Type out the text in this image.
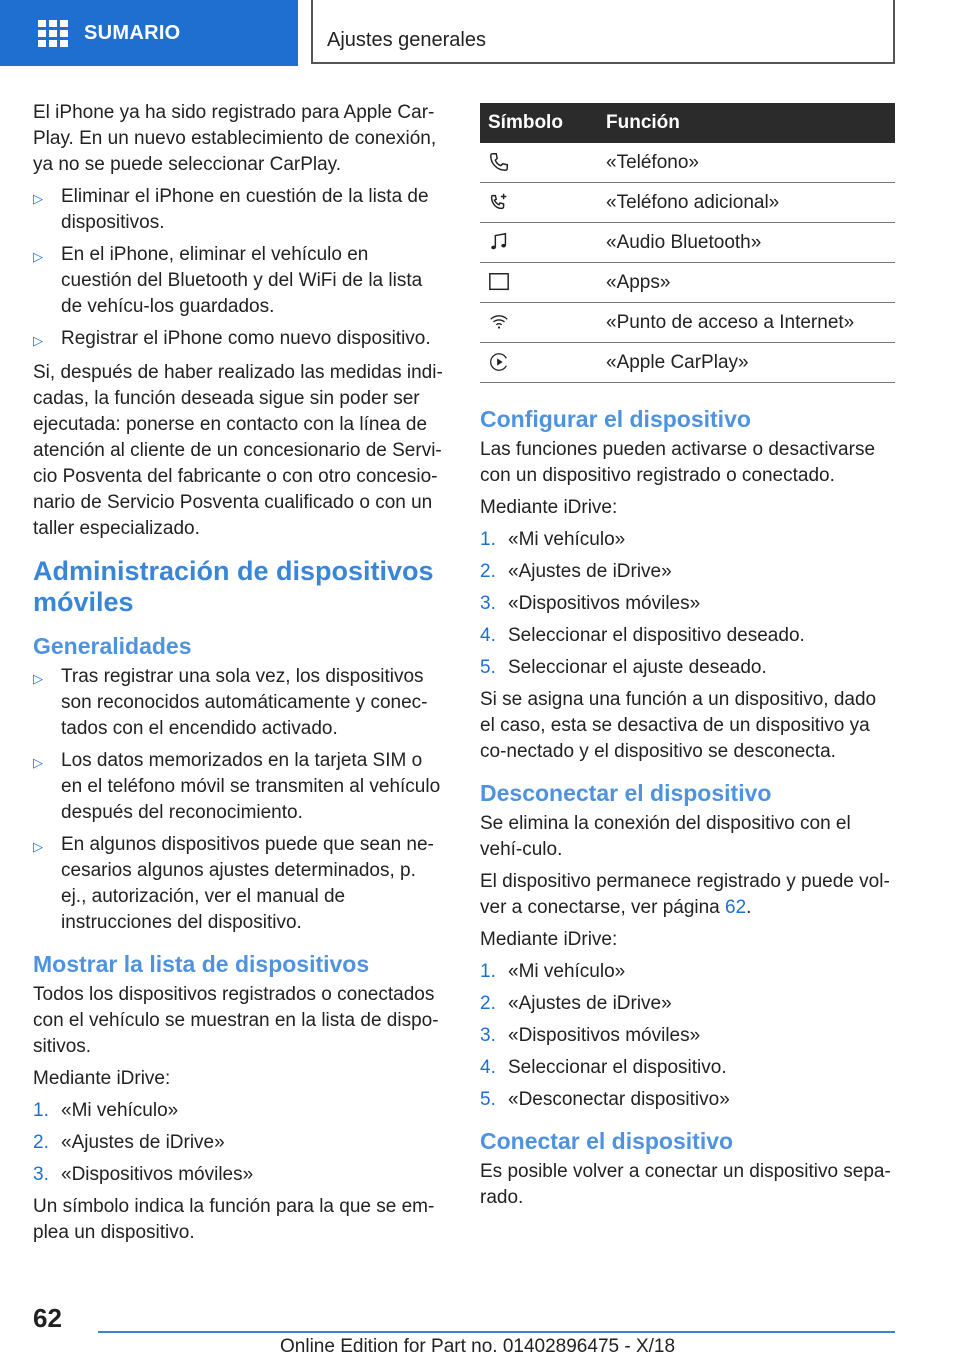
SUMARIO	Ajustes generales

El iPhone ya ha sido registrado para Apple Car-Play. En un nuevo establecimiento de conexión, ya no se puede seleccionar CarPlay.

▷ Eliminar el iPhone en cuestión de la lista de dispositivos.
▷ En el iPhone, eliminar el vehículo en cuestión del Bluetooth y del WiFi de la lista de vehícu-los guardados.
▷ Registrar el iPhone como nuevo dispositivo.

Si, después de haber realizado las medidas indi-cadas, la función deseada sigue sin poder ser ejecutada: ponerse en contacto con la línea de atención al cliente de un concesionario de Servi-cio Posventa del fabricante o con otro concesio-nario de Servicio Posventa cualificado o con un taller especializado.

Administración de dispositivos móviles
Generalidades
▷ Tras registrar una sola vez, los dispositivos son reconocidos automáticamente y conec-tados con el encendido activado.
▷ Los datos memorizados en la tarjeta SIM o en el teléfono móvil se transmiten al vehículo después del reconocimiento.
▷ En algunos dispositivos puede que sean ne-cesarios algunos ajustes determinados, p. ej., autorización, ver el manual de instrucciones del dispositivo.
Mostrar la lista de dispositivos

Todos los dispositivos registrados o conectados con el vehículo se muestran en la lista de dispo-sitivos.

Mediante iDrive:

1. «Mi vehículo»
2. «Ajustes de iDrive»
3. «Dispositivos móviles»

Un símbolo indica la función para la que se em-plea un dispositivo.

Símbolo	Función
	«Teléfono»
	«Teléfono adicional»
	«Audio Bluetooth»
	«Apps»
	«Punto de acceso a Internet»
	«Apple CarPlay»
Configurar el dispositivo

Las funciones pueden activarse o desactivarse con un dispositivo registrado o conectado.

Mediante iDrive:

1. «Mi vehículo»
2. «Ajustes de iDrive»
3. «Dispositivos móviles»
4. Seleccionar el dispositivo deseado.
5. Seleccionar el ajuste deseado.

Si se asigna una función a un dispositivo, dado el caso, esta se desactiva de un dispositivo ya co-nectado y el dispositivo se desconecta.

Desconectar el dispositivo

Se elimina la conexión del dispositivo con el vehí-culo.

El dispositivo permanece registrado y puede vol-ver a conectarse, ver página 62.

Mediante iDrive:

1. «Mi vehículo»
2. «Ajustes de iDrive»
3. «Dispositivos móviles»
4. Seleccionar el dispositivo.
5. «Desconectar dispositivo»
Conectar el dispositivo

Es posible volver a conectar un dispositivo sepa-rado.

62
Online Edition for Part no. 01402896475 - X/18
